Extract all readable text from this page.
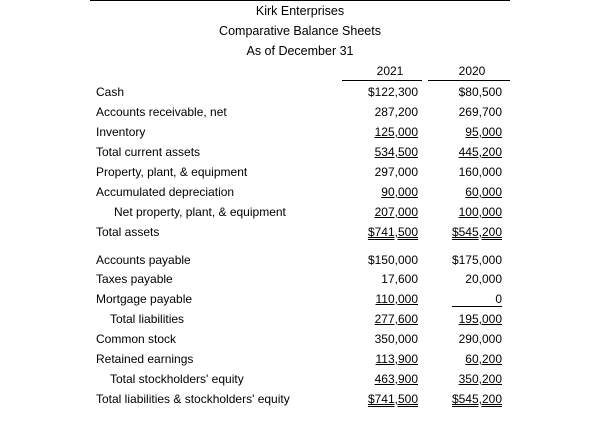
Kirk Enterprises
Comparative Balance Sheets
As of December 31
2021	2020
Cash	$122,300	$80,500
Accounts receivable, net	287,200	269,700
Inventory	125,000	95,000
Total current assets	534,500	445,200
Property, plant, & equipment	297,000	160,000
Accumulated depreciation	90,000	60,000
Net property, plant, & equipment	207,000	100,000
Total assets	$741,500	$545,200
Accounts payable	$150,000	$175,000
Taxes payable	17,600	20,000
Mortgage payable	110,000	0
Total liabilities	277,600	195,000
Common stock	350,000	290,000
Retained earnings	113,900	60,200
Total stockholders' equity	463,900	350,200
Total liabilities & stockholders' equity	$741,500	$545,200
